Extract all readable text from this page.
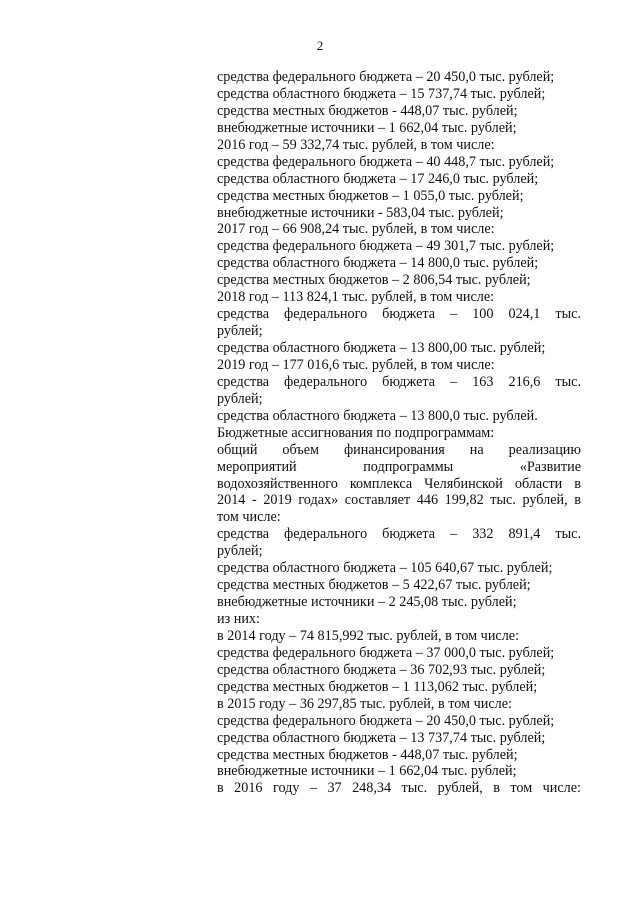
2
средства федерального бюджета – 20 450,0 тыс. рублей;
средства областного бюджета – 15 737,74 тыс. рублей;
средства местных бюджетов - 448,07 тыс. рублей;
внебюджетные источники – 1 662,04 тыс. рублей;
2016 год – 59 332,74 тыс. рублей, в том числе:
средства федерального бюджета – 40 448,7 тыс. рублей;
средства областного бюджета – 17 246,0 тыс. рублей;
средства местных бюджетов – 1 055,0 тыс. рублей;
внебюджетные источники - 583,04 тыс. рублей;
2017 год – 66 908,24 тыс. рублей, в том числе:
средства федерального бюджета – 49 301,7 тыс. рублей;
средства областного бюджета – 14 800,0 тыс. рублей;
средства местных бюджетов – 2 806,54 тыс. рублей;
2018 год – 113 824,1 тыс. рублей, в том числе:
средства федерального бюджета – 100 024,1 тыс.
рублей;
средства областного бюджета – 13 800,00 тыс. рублей;
2019 год – 177 016,6 тыс. рублей, в том числе:
средства федерального бюджета – 163 216,6 тыс.
рублей;
средства областного бюджета – 13 800,0 тыс. рублей.
Бюджетные ассигнования по подпрограммам:
общий объем финансирования на реализацию
мероприятий подпрограммы «Развитие
водохозяйственного комплекса Челябинской области в
2014 - 2019 годах» составляет 446 199,82 тыс. рублей, в
том числе:
средства федерального бюджета – 332 891,4 тыс.
рублей;
средства областного бюджета – 105 640,67 тыс. рублей;
средства местных бюджетов – 5 422,67 тыс. рублей;
внебюджетные источники – 2 245,08 тыс. рублей;
из них:
в 2014 году – 74 815,992 тыс. рублей, в том числе:
средства федерального бюджета – 37 000,0 тыс. рублей;
средства областного бюджета – 36 702,93 тыс. рублей;
средства местных бюджетов – 1 113,062 тыс. рублей;
в 2015 году – 36 297,85 тыс. рублей, в том числе:
средства федерального бюджета – 20 450,0 тыс. рублей;
средства областного бюджета – 13 737,74 тыс. рублей;
средства местных бюджетов - 448,07 тыс. рублей;
внебюджетные источники – 1 662,04 тыс. рублей;
в 2016 году – 37 248,34 тыс. рублей, в том числе:
